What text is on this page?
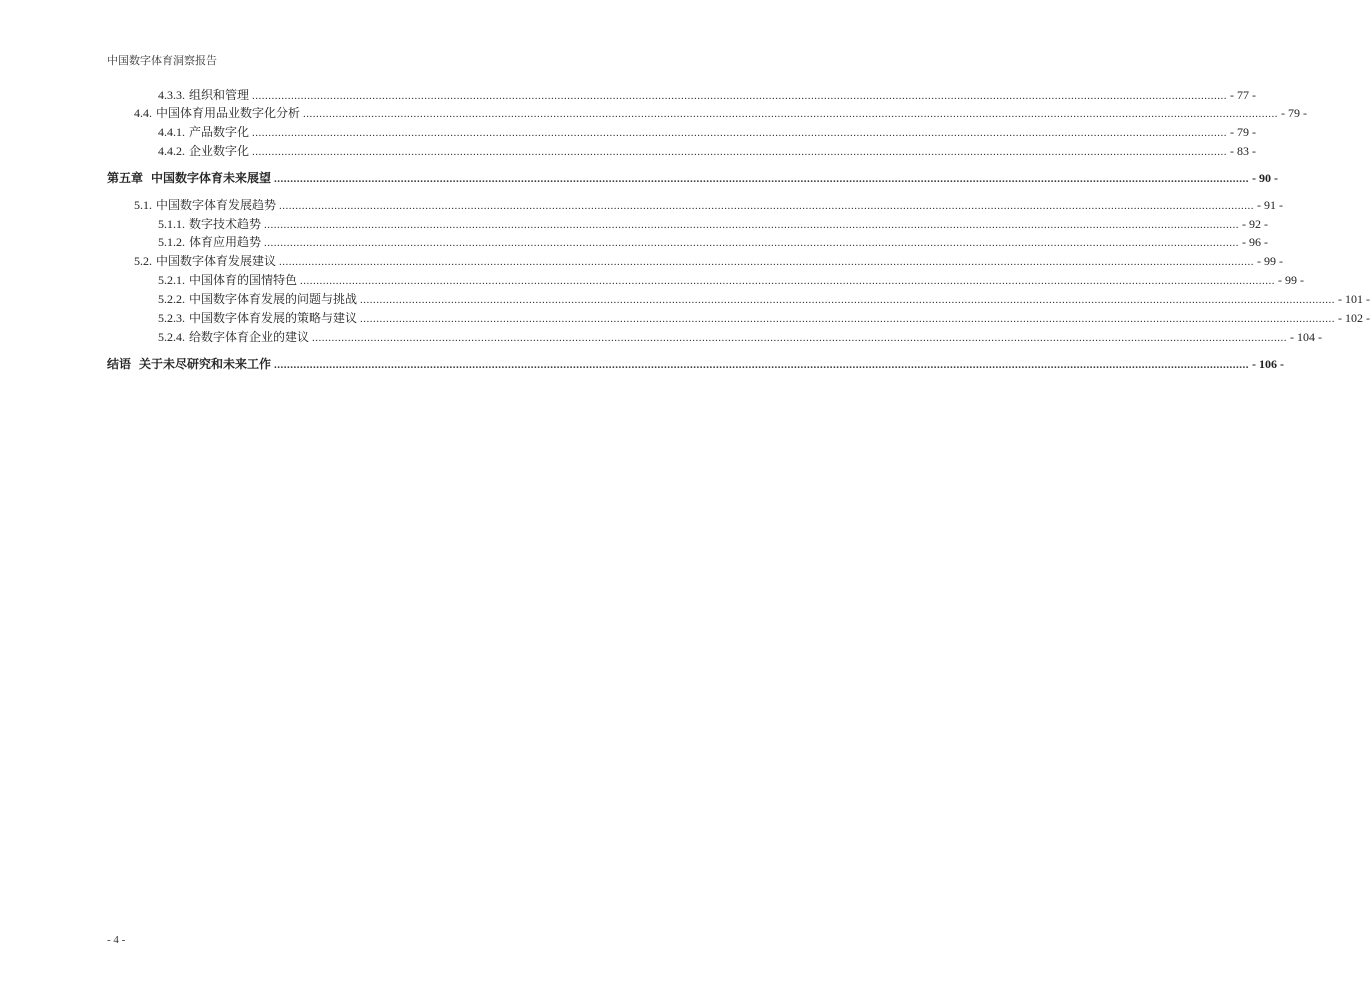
中国数字体育洞察报告
4.3.3. 组织和管理 ............................................................................................................................................................................................................................................................................................................ - 77 -
4.4. 中国体育用品业数字化分析 ............................................................................................................................................................................................................................................................................................................ - 79 -
4.4.1. 产品数字化 ............................................................................................................................................................................................................................................................................................................ - 79 -
4.4.2. 企业数字化 ............................................................................................................................................................................................................................................................................................................ - 83 -
第五章 中国数字体育未来展望 ............................................................................................................................................................................................................................................................................................................ - 90 -
5.1. 中国数字体育发展趋势 ............................................................................................................................................................................................................................................................................................................ - 91 -
5.1.1. 数字技术趋势 ............................................................................................................................................................................................................................................................................................................ - 92 -
5.1.2. 体育应用趋势 ............................................................................................................................................................................................................................................................................................................ - 96 -
5.2. 中国数字体育发展建议 ............................................................................................................................................................................................................................................................................................................ - 99 -
5.2.1. 中国体育的国情特色 ............................................................................................................................................................................................................................................................................................................ - 99 -
5.2.2. 中国数字体育发展的问题与挑战 ............................................................................................................................................................................................................................................................................................................ - 101 -
5.2.3. 中国数字体育发展的策略与建议 ............................................................................................................................................................................................................................................................................................................ - 102 -
5.2.4. 给数字体育企业的建议 ............................................................................................................................................................................................................................................................................................................ - 104 -
结语 关于未尽研究和未来工作 ............................................................................................................................................................................................................................................................................................................ - 106 -
- 4 -
